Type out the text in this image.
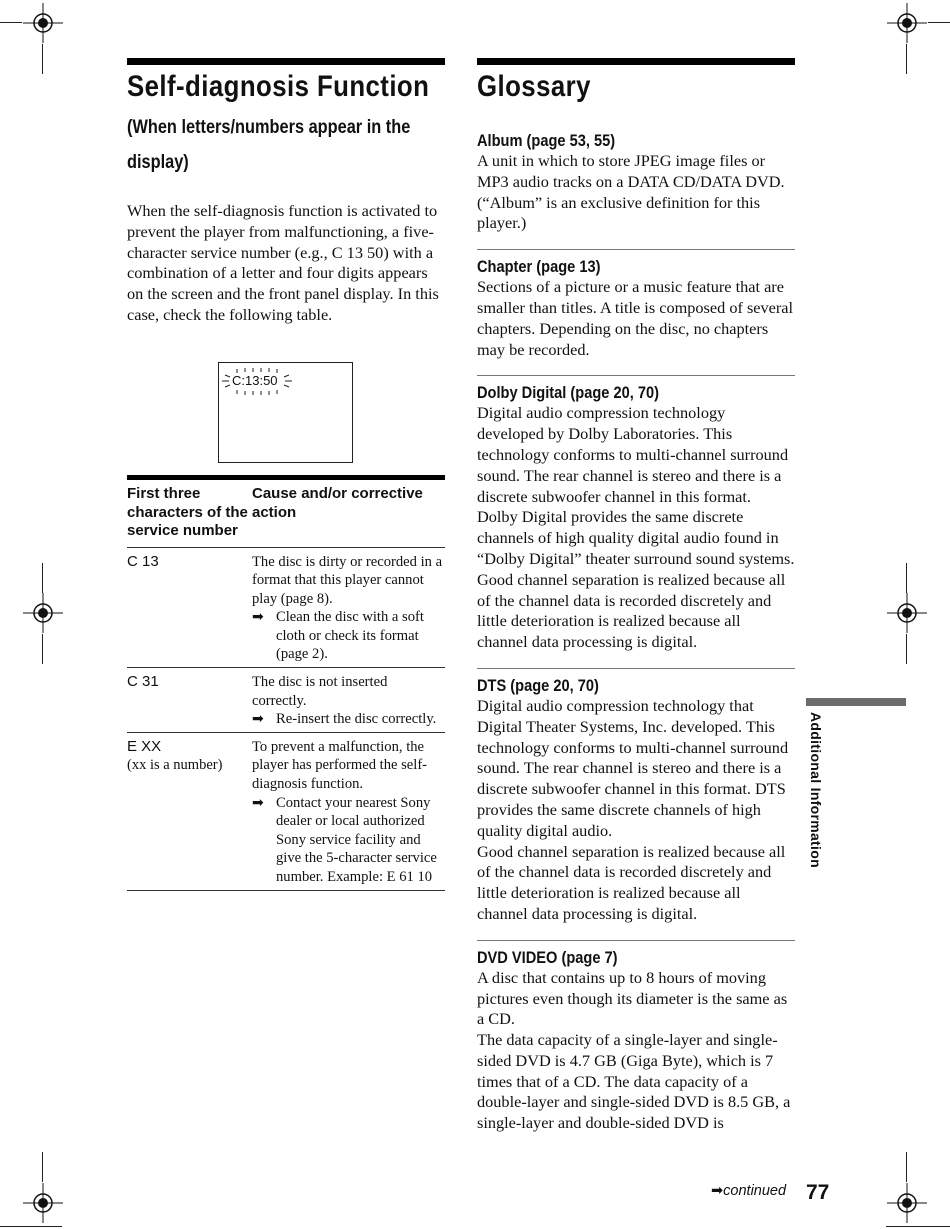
Self-diagnosis Function
(When letters/numbers appear in the display)
When the self-diagnosis function is activated to prevent the player from malfunctioning, a five-character service number (e.g., C 13 50) with a combination of a letter and four digits appears on the screen and the front panel display. In this case, check the following table.
C:13:50
First three characters of the service number
Cause and/or corrective action
C 13	The disc is dirty or recorded in a format that this player cannot play (page 8).
➡ Clean the disc with a soft cloth or check its format (page 2).
C 31	The disc is not inserted correctly.
➡ Re-insert the disc correctly.
E XX
(xx is a number)
To prevent a malfunction, the player has performed the self-diagnosis function.
➡ Contact your nearest Sony dealer or local authorized Sony service facility and give the 5-character service number. Example: E 61 10
Glossary
Album (page 53, 55)
A unit in which to store JPEG image files or MP3 audio tracks on a DATA CD/DATA DVD. (“Album” is an exclusive definition for this player.)
Chapter (page 13)
Sections of a picture or a music feature that are smaller than titles. A title is composed of several chapters. Depending on the disc, no chapters may be recorded.
Dolby Digital (page 20, 70)
Digital audio compression technology developed by Dolby Laboratories. This technology conforms to multi-channel surround sound. The rear channel is stereo and there is a discrete subwoofer channel in this format. Dolby Digital provides the same discrete channels of high quality digital audio found in “Dolby Digital” theater surround sound systems. Good channel separation is realized because all of the channel data is recorded discretely and little deterioration is realized because all channel data processing is digital.
DTS (page 20, 70)
Digital audio compression technology that Digital Theater Systems, Inc. developed. This technology conforms to multi-channel surround sound. The rear channel is stereo and there is a discrete subwoofer channel in this format. DTS provides the same discrete channels of high quality digital audio.
Good channel separation is realized because all of the channel data is recorded discretely and little deterioration is realized because all channel data processing is digital.
DVD VIDEO (page 7)
A disc that contains up to 8 hours of moving pictures even though its diameter is the same as a CD.
The data capacity of a single-layer and single-sided DVD is 4.7 GB (Giga Byte), which is 7 times that of a CD. The data capacity of a double-layer and single-sided DVD is 8.5 GB, a single-layer and double-sided DVD is
Additional Information
➡continued 77
